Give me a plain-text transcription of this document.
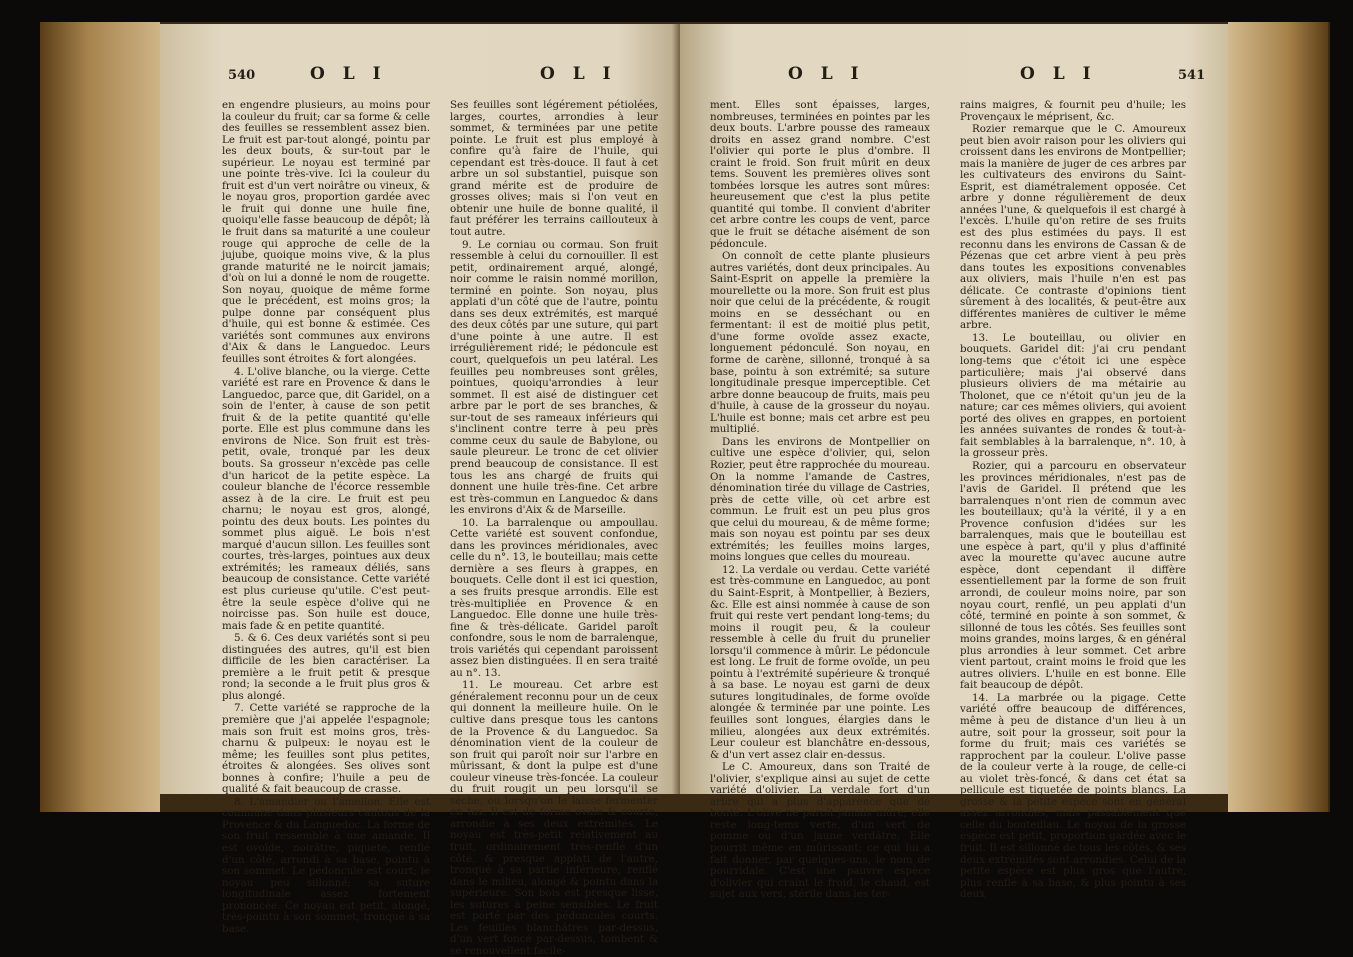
540	O L I	O L I

en engendre plusieurs, au moins pour la couleur du fruit; car sa forme & celle des feuilles se ressemblent assez bien. Le fruit est par-tout alongé, pointu par les deux bouts, & sur-tout par le supérieur. Le noyau est terminé par une pointe très-vive. Ici la couleur du fruit est d'un vert noirâtre ou vineux, & le noyau gros, proportion gardée avec le fruit qui donne une huile fine, quoiqu'elle fasse beaucoup de dépôt; là le fruit dans sa maturité a une couleur rouge qui approche de celle de la jujube, quoique moins vive, & la plus grande maturité ne le noircit jamais; d'où on lui a donné le nom de rougette. Son noyau, quoique de même forme que le précédent, est moins gros; la pulpe donne par conséquent plus d'huile, qui est bonne & estimée. Ces variétés sont communes aux environs d'Aix & dans le Languedoc. Leurs feuilles sont étroites & fort alongées.

4. L'olive blanche, ou la vierge. Cette variété est rare en Provence & dans le Languedoc, parce que, dit Garidel, on a soin de l'enter, à cause de son petit fruit & de la petite quantité qu'elle porte. Elle est plus commune dans les environs de Nice. Son fruit est très-petit, ovale, tronqué par les deux bouts. Sa grosseur n'excède pas celle d'un haricot de la petite espèce. La couleur blanche de l'écorce ressemble assez à de la cire. Le fruit est peu charnu; le noyau est gros, alongé, pointu des deux bouts. Les pointes du sommet plus aiguë. Le bois n'est marqué d'aucun sillon. Les feuilles sont courtes, très-larges, pointues aux deux extrémités; les rameaux déliés, sans beaucoup de consistance. Cette variété est plus curieuse qu'utile. C'est peut-être la seule espèce d'olive qui ne noircisse pas. Son huile est douce, mais fade & en petite quantité.

5. & 6. Ces deux variétés sont si peu distinguées des autres, qu'il est bien difficile de les bien caractériser. La première a le fruit petit & presque rond; la seconde a le fruit plus gros & plus alongé.

7. Cette variété se rapproche de la première que j'ai appelée l'espagnole; mais son fruit est moins gros, très-charnu & pulpeux: le noyau est le même; les feuilles sont plus petites, étroites & alongées. Ses olives sont bonnes à confire; l'huile a peu de qualité & fait beaucoup de crasse.

8. L'amandier ou l'amellon. Elle est commune dans plusieurs cantons de la Provence & du Languedoc. La forme de son fruit ressemble à une amande. Il est ovoïde, noirâtre, piqueté, renflé d'un côté, arrondi à sa base, pointu à son sommet. Le pédoncule est court; le noyau peu sillonné; sa suture longitudinale assez fortement prononcée. Ce noyau est petit, alongé, très-pointu à son sommet, tronqué à sa base.

Ses feuilles sont légérement pétiolées, larges, courtes, arrondies à leur sommet, & terminées par une petite pointe. Le fruit est plus employé à confire qu'à faire de l'huile, qui cependant est très-douce. Il faut à cet arbre un sol substantiel, puisque son grand mérite est de produire de grosses olives; mais si l'on veut en obtenir une huile de bonne qualité, il faut préférer les terrains caillouteux à tout autre.

9. Le corniau ou cormau. Son fruit ressemble à celui du cornouiller. Il est petit, ordinairement arqué, alongé, noir comme le raisin nommé morillon, terminé en pointe. Son noyau, plus applati d'un côté que de l'autre, pointu dans ses deux extrémités, est marqué des deux côtés par une suture, qui part d'une pointe à une autre. Il est irrégulièrement ridé; le pédoncule est court, quelquefois un peu latéral. Les feuilles peu nombreuses sont grêles, pointues, quoiqu'arrondies à leur sommet. Il est aisé de distinguer cet arbre par le port de ses branches, & sur-tout de ses rameaux inférieurs qui s'inclinent contre terre à peu près comme ceux du saule de Babylone, ou saule pleureur. Le tronc de cet olivier prend beaucoup de consistance. Il est tous les ans chargé de fruits qui donnent une huile très-fine. Cet arbre est très-commun en Languedoc & dans les environs d'Aix & de Marseille.

10. La barralenque ou ampoullau. Cette variété est souvent confondue, dans les provinces méridionales, avec celle du n°. 13, le bouteillau; mais cette dernière a ses fleurs à grappes, en bouquets. Celle dont il est ici question, a ses fruits presque arrondis. Elle est très-multipliée en Provence & en Languedoc. Elle donne une huile très-fine & très-délicate. Garidel paroît confondre, sous le nom de barralenque, trois variétés qui cependant paroissent assez bien distinguées. Il en sera traité au n°. 13.

11. Le moureau. Cet arbre est généralement reconnu pour un de ceux qui donnent la meilleure huile. On le cultive dans presque tous les cantons de la Provence & du Languedoc. Sa dénomination vient de la couleur de son fruit qui paroît noir sur l'arbre en mûrissant, & dont la pulpe est d'une couleur vineuse très-foncée. La couleur du fruit rougit un peu lorsqu'il se sèche, ou lorsqu'on le laisse fermenter en tas. Il est de forme ovale & courte, arrondie à ses deux extrémités. Le noyau est très-petit relativement au fruit, ordinairement très-renflé d'un côté, & presque applati de l'autre, tronqué à sa partie inférieure, renflé dans le milieu, alongé & pointu dans la supérieure. Son bois est presque lisse, les sutures à peine sensibles. Le fruit est porté par des pédoncules courts. Les feuilles blanchâtres par-dessus, d'un vert foncé par-dessus, tombent & se renouvellent facile-

O L I	O L I	541

ment. Elles sont épaisses, larges, nombreuses, terminées en pointes par les deux bouts. L'arbre pousse des rameaux droits en assez grand nombre. C'est l'olivier qui porte le plus d'ombre. Il craint le froid. Son fruit mûrit en deux tems. Souvent les premières olives sont tombées lorsque les autres sont mûres: heureusement que c'est la plus petite quantité qui tombe. Il convient d'abriter cet arbre contre les coups de vent, parce que le fruit se détache aisément de son pédoncule.

On connoît de cette plante plusieurs autres variétés, dont deux principales. Au Saint-Esprit on appelle la première la mourellette ou la more. Son fruit est plus noir que celui de la précédente, & rougit moins en se desséchant ou en fermentant: il est de moitié plus petit, d'une forme ovoïde assez exacte, longuement pédonculé. Son noyau, en forme de carène, sillonné, tronqué à sa base, pointu à son extrémité; sa suture longitudinale presque imperceptible. Cet arbre donne beaucoup de fruits, mais peu d'huile, à cause de la grosseur du noyau. L'huile est bonne; mais cet arbre est peu multiplié.

Dans les environs de Montpellier on cultive une espèce d'olivier, qui, selon Rozier, peut être rapprochée du moureau. On la nomme l'amande de Castres, dénomination tirée du village de Castries, près de cette ville, où cet arbre est commun. Le fruit est un peu plus gros que celui du moureau, & de même forme; mais son noyau est pointu par ses deux extrémités; les feuilles moins larges, moins longues que celles du moureau.

12. La verdale ou verdau. Cette variété est très-commune en Languedoc, au pont du Saint-Esprit, à Montpellier, à Beziers, &c. Elle est ainsi nommée à cause de son fruit qui reste vert pendant long-tems; du moins il rougit peu, & la couleur ressemble à celle du fruit du prunelier lorsqu'il commence à mûrir. Le pédoncule est long. Le fruit de forme ovoïde, un peu pointu à l'extrémité supérieure & tronqué à sa base. Le noyau est garni de deux sutures longitudinales, de forme ovoïde alongée & terminée par une pointe. Les feuilles sont longues, élargies dans le milieu, alongées aux deux extrémités. Leur couleur est blanchâtre en-dessous, & d'un vert assez clair en-dessus.

Le C. Amoureux, dans son Traité de l'olivier, s'explique ainsi au sujet de cette variété d'olivier. La verdale fort d'un arbre qui a plus d'apparence que de bonté. L'olive ne paroît jamais mûre; elle reste long-tems verte, d'un vert de pomme ou d'un jaune verdâtre. Elle pourrit même en mûrissant; ce qui lui a fait donner, par quelques-uns, le nom de pourridale. C'est une pauvre espèce d'olivier qui craint le froid, le chaud, est sujet aux vers, stérile dans les ter-

rains maigres, & fournit peu d'huile; les Provençaux le méprisent, &c.

Rozier remarque que le C. Amoureux peut bien avoir raison pour les oliviers qui croissent dans les environs de Montpellier; mais la manière de juger de ces arbres par les cultivateurs des environs du Saint-Esprit, est diamétralement opposée. Cet arbre y donne régulièrement de deux années l'une, & quelquefois il est chargé à l'excès. L'huile qu'on retire de ses fruits est des plus estimées du pays. Il est reconnu dans les environs de Cassan & de Pézenas que cet arbre vient à peu près dans toutes les expositions convenables aux oliviers, mais l'huile n'en est pas délicate. Ce contraste d'opinions tient sûrement à des localités, & peut-être aux différentes manières de cultiver le même arbre.

13. Le bouteillau, ou olivier en bouquets. Garidel dit: j'ai cru pendant long-tems que c'étoit ici une espèce particulière; mais j'ai observé dans plusieurs oliviers de ma métairie au Tholonet, que ce n'étoit qu'un jeu de la nature; car ces mêmes oliviers, qui avoient porté des olives en grappes, en portoient les années suivantes de rondes & tout-à-fait semblables à la barralenque, n°. 10, à la grosseur près.

Rozier, qui a parcouru en observateur les provinces méridionales, n'est pas de l'avis de Garidel. Il prétend que les barralenques n'ont rien de commun avec les bouteillaux; qu'à la vérité, il y a en Provence confusion d'idées sur les barralenques, mais que le bouteillau est une espèce à part, qu'il y plus d'affinité avec la mourette qu'avec aucune autre espèce, dont cependant il diffère essentiellement par la forme de son fruit arrondi, de couleur moins noire, par son noyau court, renflé, un peu applati d'un côté, terminé en pointe à son sommet, & sillonné de tous les côtés. Ses feuilles sont moins grandes, moins larges, & en général plus arrondies à leur sommet. Cet arbre vient partout, craint moins le froid que les autres oliviers. L'huile en est bonne. Elle fait beaucoup de dépôt.

14. La marbrée ou la pigage. Cette variété offre beaucoup de différences, même à peu de distance d'un lieu à un autre, soit pour la grosseur, soit pour la forme du fruit; mais ces variétés se rapprochent par la couleur. L'olive passe de la couleur verte à la rouge, de celle-ci au violet très-foncé, & dans cet état sa pellicule est tiquetée de points blancs. La grosse & la petite espèce sont en général assez arrondies, mais passablement que celle du bouteillau. Le noyau de la grosse espèce est petit, proportion gardée avec le fruit. Il est sillonné de tous les côtés, & ses deux extrémités sont arrondies. Celui de la petite espèce est plus gros que l'autre, plus renflé à sa base, & plus pointu à ses deux
